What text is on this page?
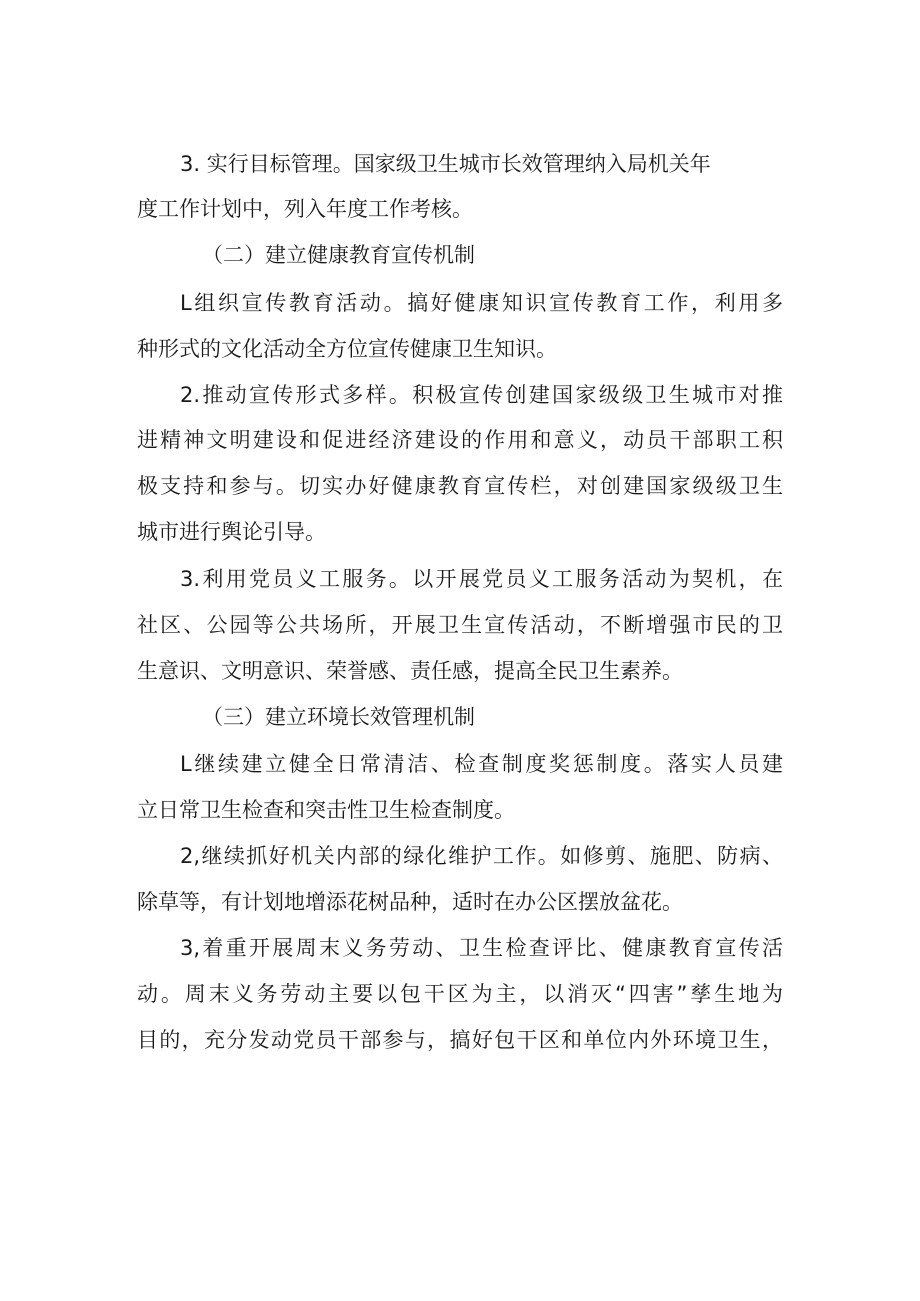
3. 实行目标管理。国家级卫生城市长效管理纳入局机关年
度工作计划中，列入年度工作考核。
（二）建立健康教育宣传机制
L组织宣传教育活动。搞好健康知识宣传教育工作，利用多
种形式的文化活动全方位宣传健康卫生知识。
2.推动宣传形式多样。积极宣传创建国家级级卫生城市对推
进精神文明建设和促进经济建设的作用和意义，动员干部职工积
极支持和参与。切实办好健康教育宣传栏，对创建国家级级卫生
城市进行舆论引导。
3.利用党员义工服务。以开展党员义工服务活动为契机，在
社区、公园等公共场所，开展卫生宣传活动，不断增强市民的卫
生意识、文明意识、荣誉感、责任感，提高全民卫生素养。
（三）建立环境长效管理机制
L继续建立健全日常清洁、检查制度奖惩制度。落实人员建
立日常卫生检查和突击性卫生检查制度。
2,继续抓好机关内部的绿化维护工作。如修剪、施肥、防病、
除草等，有计划地增添花树品种，适时在办公区摆放盆花。
3,着重开展周末义务劳动、卫生检查评比、健康教育宣传活
动。周末义务劳动主要以包干区为主，以消灭“四害”孳生地为
目的，充分发动党员干部参与，搞好包干区和单位内外环境卫生，
